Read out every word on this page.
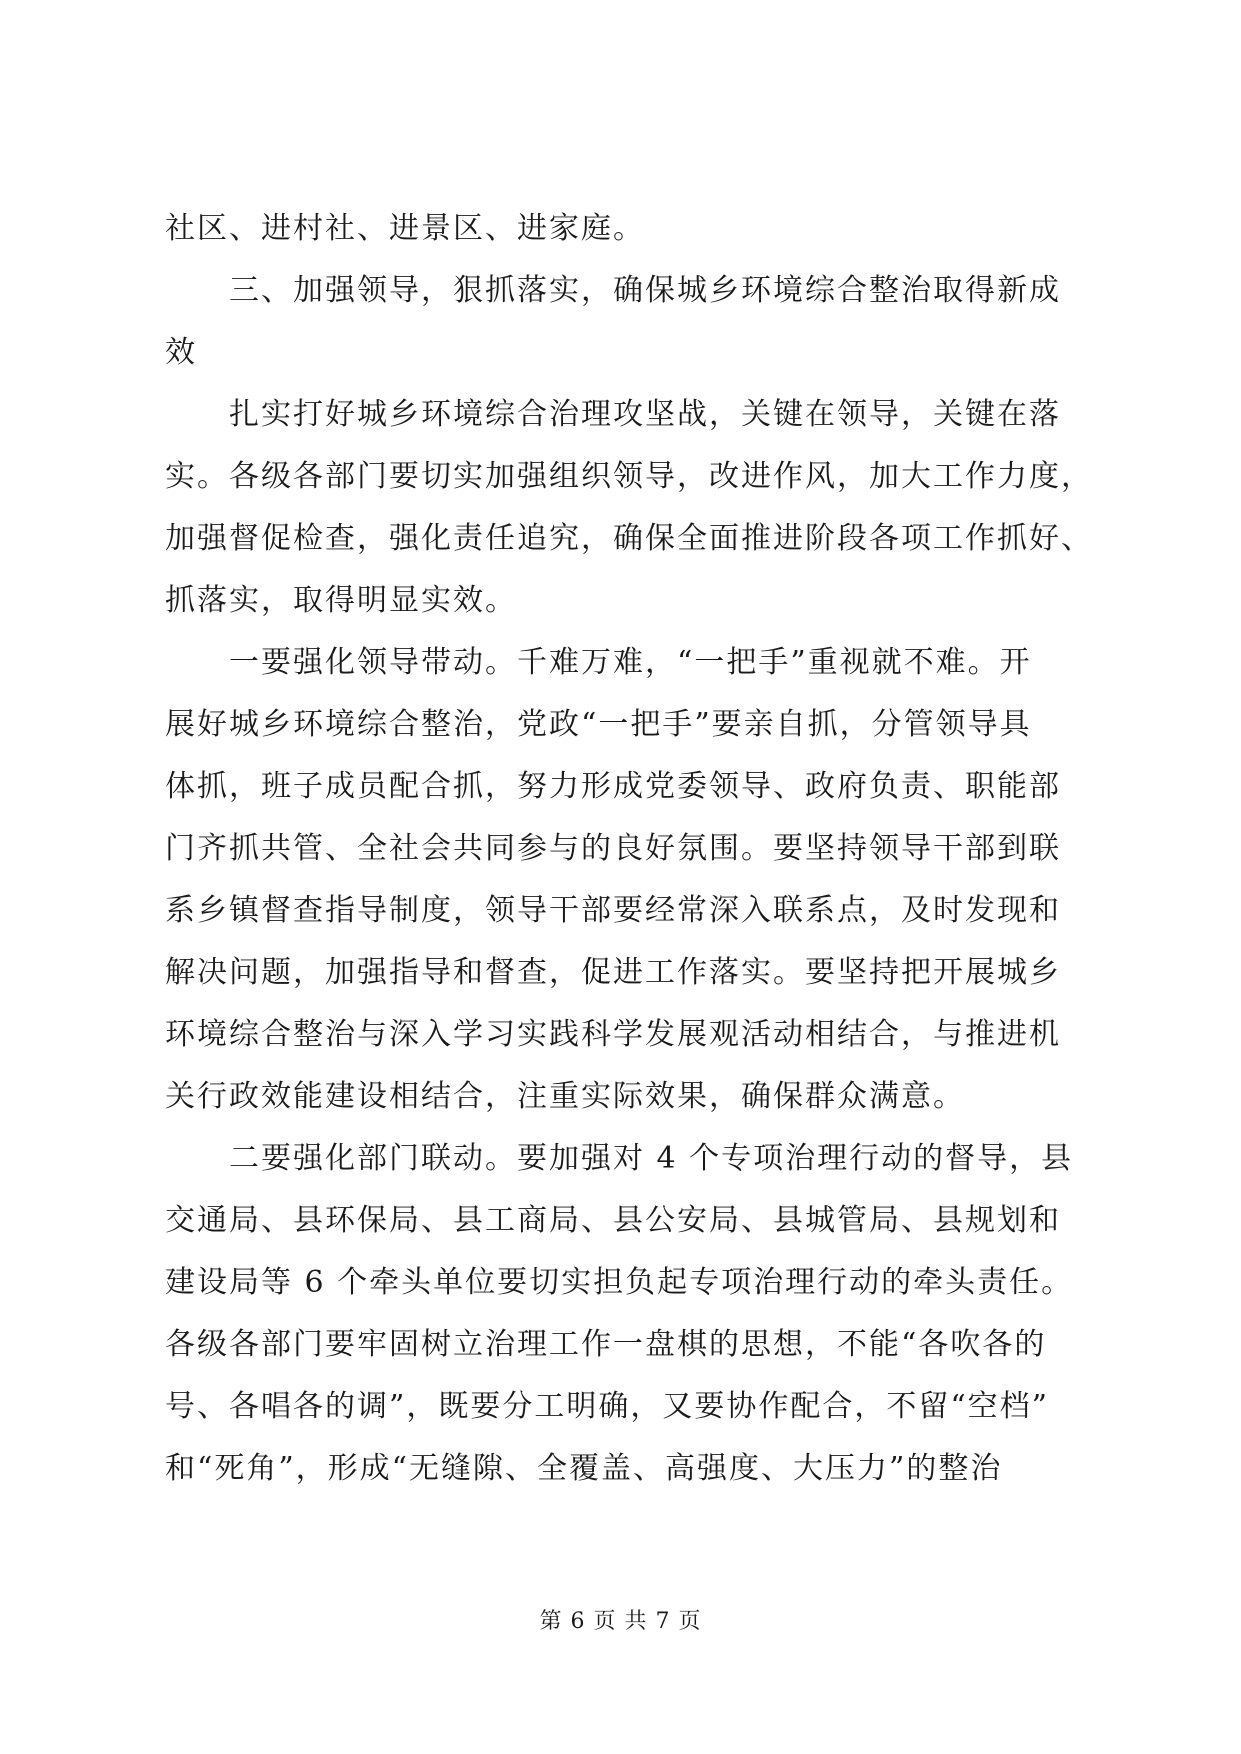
社区、进村社、进景区、进家庭。
三、加强领导，狠抓落实，确保城乡环境综合整治取得新成
效
扎实打好城乡环境综合治理攻坚战，关键在领导，关键在落
实。各级各部门要切实加强组织领导，改进作风，加大工作力度，
加强督促检查，强化责任追究，确保全面推进阶段各项工作抓好、
抓落实，取得明显实效。
一要强化领导带动。千难万难，“一把手”重视就不难。开
展好城乡环境综合整治，党政“一把手”要亲自抓，分管领导具
体抓，班子成员配合抓，努力形成党委领导、政府负责、职能部
门齐抓共管、全社会共同参与的良好氛围。要坚持领导干部到联
系乡镇督查指导制度，领导干部要经常深入联系点，及时发现和
解决问题，加强指导和督查，促进工作落实。要坚持把开展城乡
环境综合整治与深入学习实践科学发展观活动相结合，与推进机
关行政效能建设相结合，注重实际效果，确保群众满意。
二要强化部门联动。要加强对 4 个专项治理行动的督导，县
交通局、县环保局、县工商局、县公安局、县城管局、县规划和
建设局等 6 个牵头单位要切实担负起专项治理行动的牵头责任。
各级各部门要牢固树立治理工作一盘棋的思想，不能“各吹各的
号、各唱各的调”，既要分工明确，又要协作配合，不留“空档”
和“死角”，形成“无缝隙、全覆盖、高强度、大压力”的整治
第 6 页 共 7 页
